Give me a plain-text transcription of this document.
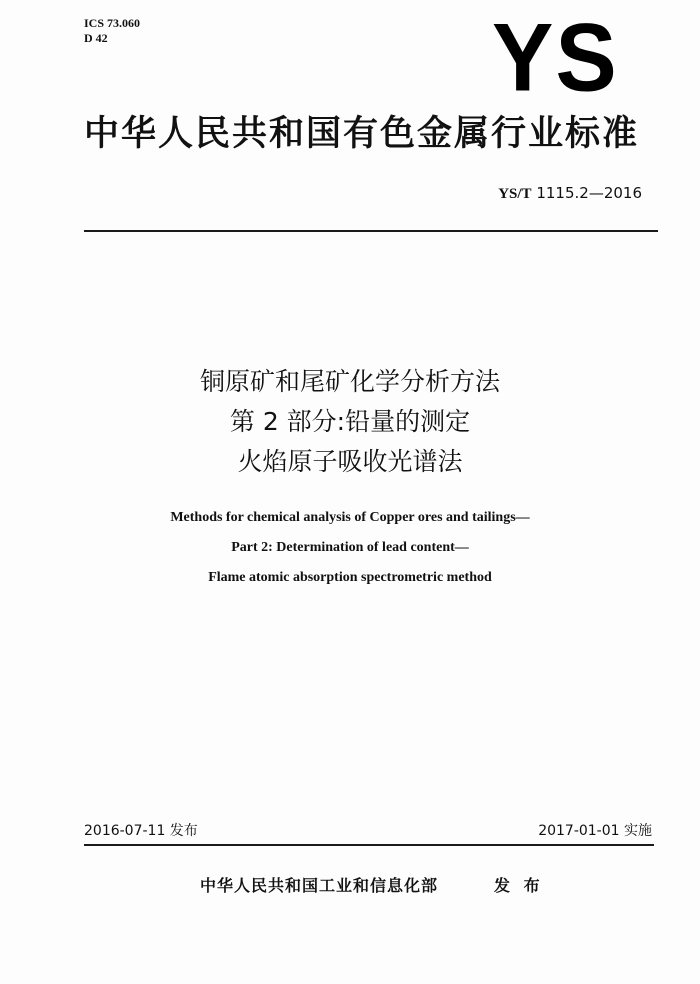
ICS 73.060
D 42	YS
中华人民共和国有色金属行业标准
YS/T 1115.2—2016
铜原矿和尾矿化学分析方法
第 2 部分:铅量的测定
火焰原子吸收光谱法
Methods for chemical analysis of Copper ores and tailings—
Part 2: Determination of lead content—
Flame atomic absorption spectrometric method
2016-07-11 发布	2017-01-01 实施
中华人民共和国工业和信息化部	发 布
